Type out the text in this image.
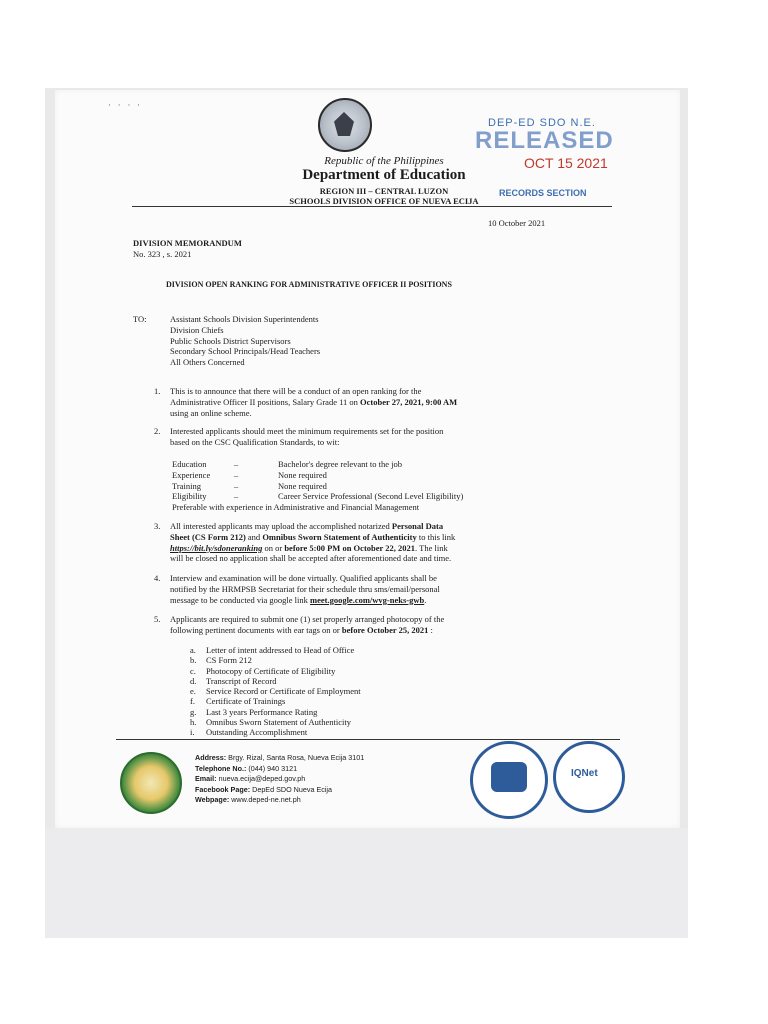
· · · ·
Republic of the Philippines
Department of Education
REGION III – CENTRAL LUZON
SCHOOLS DIVISION OFFICE OF NUEVA ECIJA
DEP-ED SDO N.E.
RELEASED
OCT 15 2021
RECORDS SECTION
10 October 2021
DIVISION MEMORANDUM
No. 323 , s. 2021
DIVISION OPEN RANKING FOR ADMINISTRATIVE OFFICER II POSITIONS
TO:	Assistant Schools Division Superintendents
Division Chiefs
Public Schools District Supervisors
Secondary School Principals/Head Teachers
All Others Concerned
1. This is to announce that there will be a conduct of an open ranking for the
Administrative Officer II positions, Salary Grade 11 on October 27, 2021, 9:00 AM
using an online scheme.
2. Interested applicants should meet the minimum requirements set for the position
based on the CSC Qualification Standards, to wit:
Education	–	Bachelor's degree relevant to the job
Experience	–	None required
Training	–	None required
Eligibility	–	Career Service Professional (Second Level Eligibility)
Preferable with experience in Administrative and Financial Management
3. All interested applicants may upload the accomplished notarized Personal Data
Sheet (CS Form 212) and Omnibus Sworn Statement of Authenticity to this link
https://bit.ly/sdoneranking on or before 5:00 PM on October 22, 2021. The link
will be closed no application shall be accepted after aforementioned date and time.
4. Interview and examination will be done virtually. Qualified applicants shall be
notified by the HRMPSB Secretariat for their schedule thru sms/email/personal
message to be conducted via google link meet.google.com/wvg-neks-gwb.
5. Applicants are required to submit one (1) set properly arranged photocopy of the
following pertinent documents with ear tags on or before October 25, 2021 :
a. Letter of intent addressed to Head of Office
b. CS Form 212
c. Photocopy of Certificate of Eligibility
d. Transcript of Record
e. Service Record or Certificate of Employment
f. Certificate of Trainings
g. Last 3 years Performance Rating
h. Omnibus Sworn Statement of Authenticity
i. Outstanding Accomplishment
Address: Brgy. Rizal, Santa Rosa, Nueva Ecija 3101
Telephone No.: (044) 940 3121
Email: nueva.ecija@deped.gov.ph
Facebook Page: DepEd SDO Nueva Ecija
Webpage: www.deped-ne.net.ph
IQNet
